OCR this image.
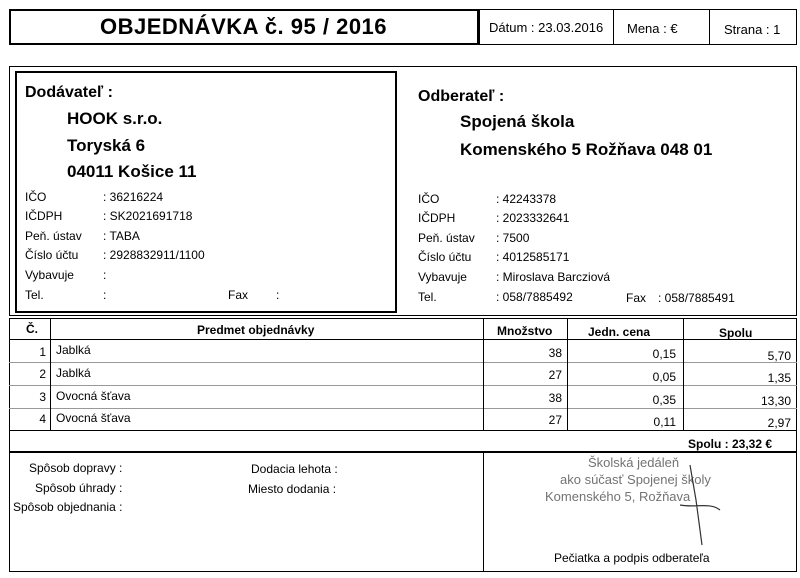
OBJEDNÁVKA č. 95 / 2016	Dátum : 23.03.2016 Mena : €	Strana : 1
Dodávateľ :
HOOK s.r.o.
Toryská 6
04011 Košice 11
IČO	: 36216224
IČDPH	: SK2021691718
Peň. ústav : TABA
Číslo účtu : 2928832911/1100
Vybavuje :
Tel.	:	Fax :
Odberateľ :
Spojená škola
Komenského 5 Rožňava 048 01
IČO	: 42243378
IČDPH	: 2023332641
Peň. ústav : 7500
Číslo účtu : 4012585171
Vybavuje : Miroslava Barcziová
Tel.	: 058/7885492	Fax : 058/7885491
Č.	Predmet objednávky	Množstvo	Jedn. cena	Spolu
1 Jablká	38	0,15	5,70
2 Jablká	27	0,05	1,35
3 Ovocná šťava	38	0,35	13,30
4 Ovocná šťava	27	0,11	2,97
Spolu : 23,32 €
Spôsob dopravy :
Spôsob úhrady :
Spôsob objednania :
Dodacia lehota :
Miesto dodania :
Školská jedáleň
ako súčasť Spojenej školy
Komenského 5, Rožňava
Pečiatka a podpis odberateľa
